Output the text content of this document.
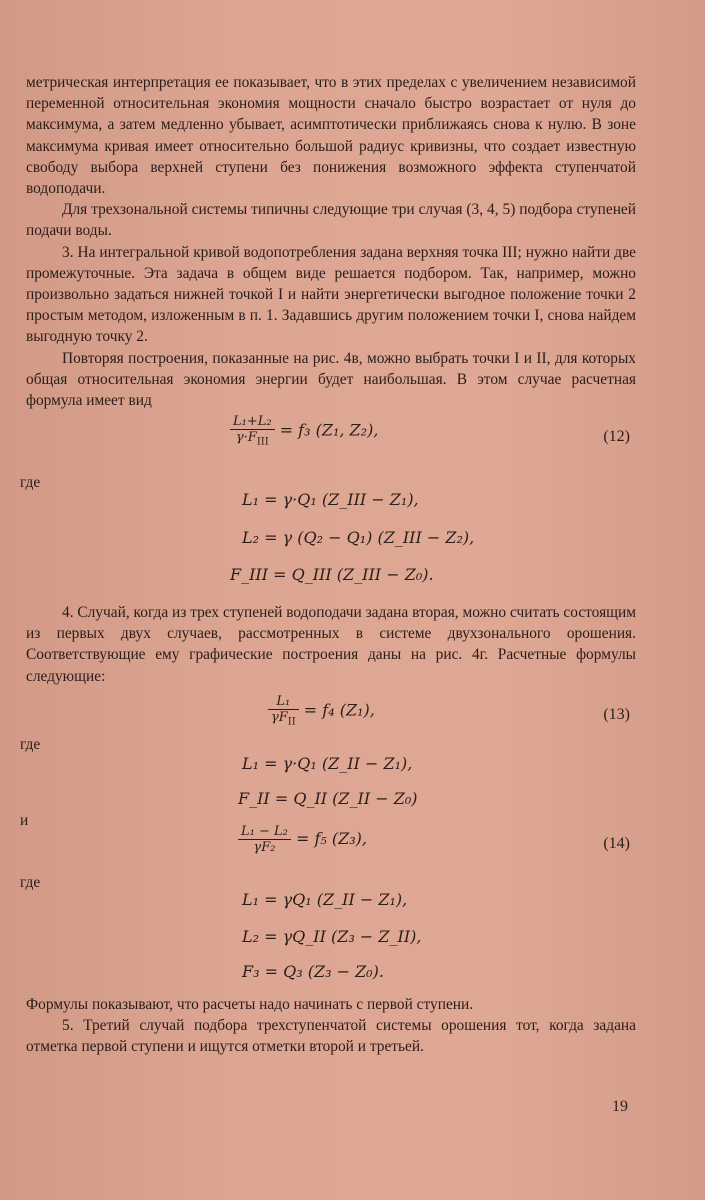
метрическая интерпретация ее показывает, что в этих пределах с увеличением независимой переменной относительная экономия мощности сначало быстро возрастает от нуля до максимума, а затем медленно убывает, асимптотически приближаясь снова к нулю. В зоне максимума кривая имеет относительно большой радиус кривизны, что создает известную свободу выбора верхней ступени без понижения возможного эффекта ступенчатой водоподачи.

Для трехзональной системы типичны следующие три случая (3, 4, 5) подбора ступеней подачи воды.

3. На интегральной кривой водопотребления задана верхняя точка III; нужно найти две промежуточные. Эта задача в общем виде решается подбором. Так, например, можно произвольно задаться нижней точкой I и найти энергетически выгодное положение точки 2 простым методом, изложенным в п. 1. Задавшись другим положением точки I, снова найдем выгодную точку 2.

Повторяя построения, показанные на рис. 4в, можно выбрать точки I и II, для которых общая относительная экономия энергии будет наибольшая. В этом случае расчетная формула имеет вид

$\frac{\text{L₁+L₂}}{\gamma\cdot F_{III}} = f_3$ (Z₁, Z₂),	(12)
где
L₁ = γ·Q₁ (Z_III − Z₁),
L₂ = γ (Q₂ − Q₁) (Z_III − Z₂),
F_III = Q_III (Z_III − Z₀).

4. Случай, когда из трех ступеней водоподачи задана вторая, можно считать состоящим из первых двух случаев, рассмотренных в системе двухзонального орошения. Соответствующие ему графические построения даны на рис. 4г. Расчетные формулы следующие:

$\frac{\text{L₁}}{\gamma F_{II}} = f_4$ (Z₁),	(13)
где
L₁ = γ·Q₁ (Z_II − Z₁),
F_II = Q_II (Z_II − Z₀)
и
$\frac{\text{L₁ − L₂}}{\text{γF₂}} = f_5$ (Z₃),	(14)
где
L₁ = γQ₁ (Z_II − Z₁),
L₂ = γQ_II (Z₃ − Z_II),
F₃ = Q₃ (Z₃ − Z₀).

Формулы показывают, что расчеты надо начинать с первой ступени.

5. Третий случай подбора трехступенчатой системы орошения тот, когда задана отметка первой ступени и ищутся отметки второй и третьей.

19
